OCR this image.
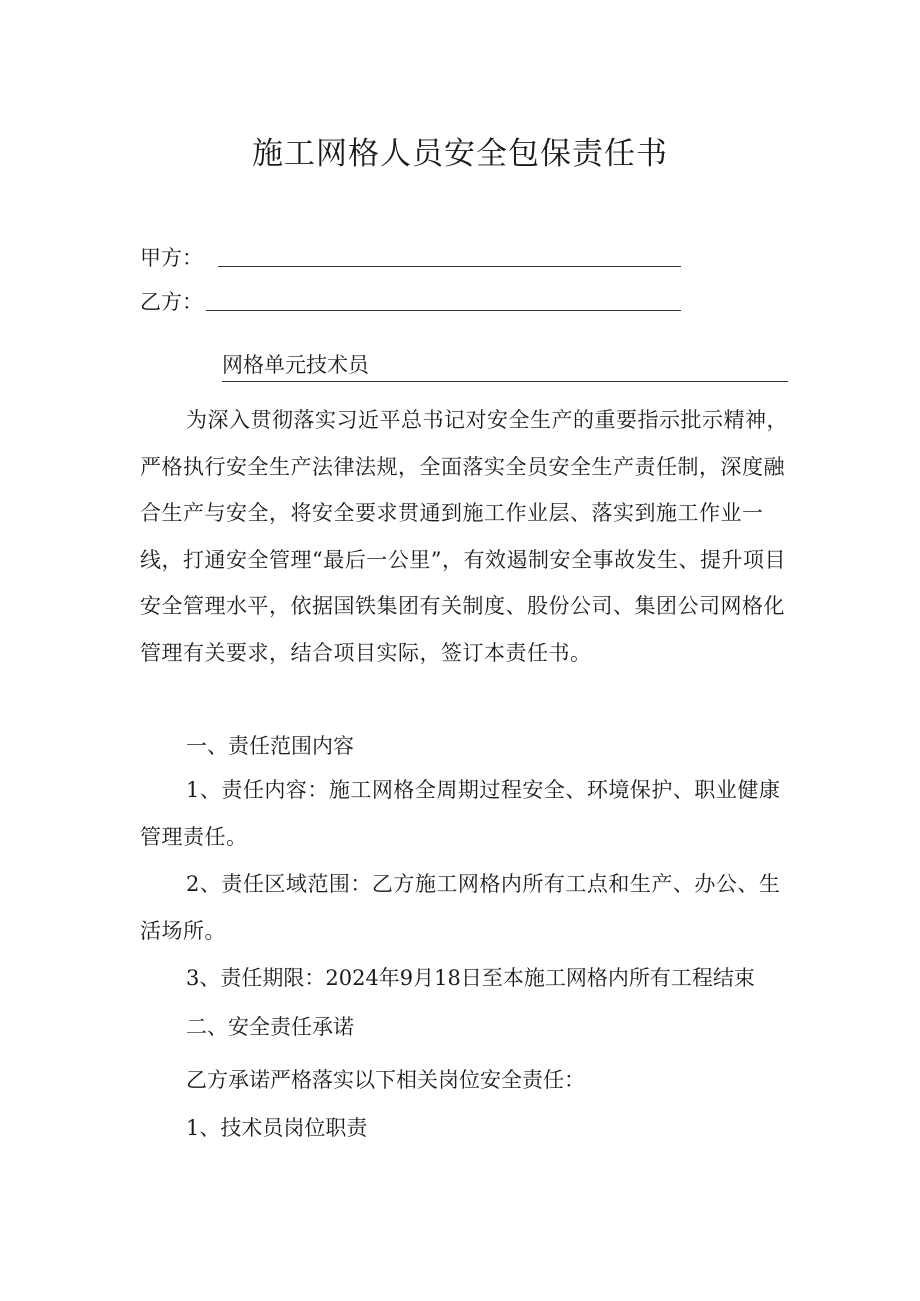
施工网格人员安全包保责任书
甲方：
乙方：
网格单元技术员

为深入贯彻落实习近平总书记对安全生产的重要指示批示精神，严格执行安全生产法律法规，全面落实全员安全生产责任制，深度融合生产与安全，将安全要求贯通到施工作业层、落实到施工作业一线，打通安全管理“最后一公里”，有效遏制安全事故发生、提升项目安全管理水平，依据国铁集团有关制度、股份公司、集团公司网格化管理有关要求，结合项目实际，签订本责任书。

一、责任范围内容

1、责任内容：施工网格全周期过程安全、环境保护、职业健康管理责任。

2、责任区域范围：乙方施工网格内所有工点和生产、办公、生活场所。

3、责任期限：2024年9月18日至本施工网格内所有工程结束
二、安全责任承诺
乙方承诺严格落实以下相关岗位安全责任：
1、技术员岗位职责
